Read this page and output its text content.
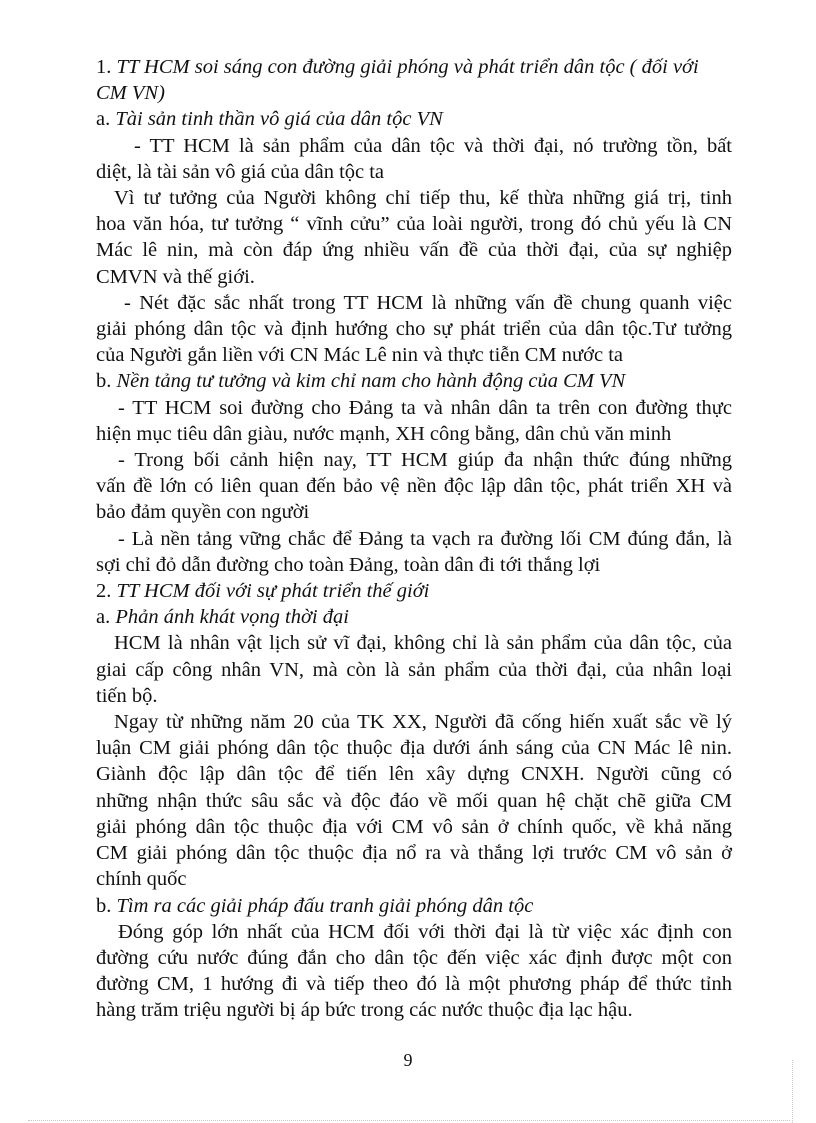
1. TT HCM soi sáng con đường giải phóng và phát triển dân tộc ( đối với
CM VN)
a. Tài sản tinh thần vô giá của dân tộc VN
- TT HCM là sản phẩm của dân tộc và thời đại, nó trường tồn, bất
diệt, là tài sản vô giá của dân tộc ta
Vì tư tưởng của Người không chỉ tiếp thu, kế thừa những giá trị, tinh
hoa văn hóa, tư tưởng “ vĩnh cửu” của loài người, trong đó chủ yếu là CN
Mác lê nin, mà còn đáp ứng nhiều vấn đề của thời đại, của sự nghiệp
CMVN và thế giới.
- Nét đặc sắc nhất trong TT HCM là những vấn đề chung quanh việc
giải phóng dân tộc và định hướng cho sự phát triển của dân tộc.Tư tưởng
của Người gắn liền với CN Mác Lê nin và thực tiễn CM nước ta
b. Nền tảng tư tưởng và kim chỉ nam cho hành động của CM VN
- TT HCM soi đường cho Đảng ta và nhân dân ta trên con đường thực
hiện mục tiêu dân giàu, nước mạnh, XH công bằng, dân chủ văn minh
- Trong bối cảnh hiện nay, TT HCM giúp đa nhận thức đúng những
vấn đề lớn có liên quan đến bảo vệ nền độc lập dân tộc, phát triển XH và
bảo đảm quyền con người
- Là nền tảng vững chắc để Đảng ta vạch ra đường lối CM đúng đắn, là
sợi chỉ đỏ dẫn đường cho toàn Đảng, toàn dân đi tới thắng lợi
2. TT HCM đối với sự phát triển thế giới
a. Phản ánh khát vọng thời đại
HCM là nhân vật lịch sử vĩ đại, không chỉ là sản phẩm của dân tộc, của
giai cấp công nhân VN, mà còn là sản phẩm của thời đại, của nhân loại
tiến bộ.
Ngay từ những năm 20 của TK XX, Người đã cống hiến xuất sắc về lý
luận CM giải phóng dân tộc thuộc địa dưới ánh sáng của CN Mác lê nin.
Giành độc lập dân tộc để tiến lên xây dựng CNXH. Người cũng có
những nhận thức sâu sắc và độc đáo về mối quan hệ chặt chẽ giữa CM
giải phóng dân tộc thuộc địa với CM vô sản ở chính quốc, về khả năng
CM giải phóng dân tộc thuộc địa nổ ra và thắng lợi trước CM vô sản ở
chính quốc
b. Tìm ra các giải pháp đấu tranh giải phóng dân tộc
Đóng góp lớn nhất của HCM đối với thời đại là từ việc xác định con
đường cứu nước đúng đắn cho dân tộc đến việc xác định được một con
đường CM, 1 hướng đi và tiếp theo đó là một phương pháp để thức tỉnh
hàng trăm triệu người bị áp bức trong các nước thuộc địa lạc hậu.
9
